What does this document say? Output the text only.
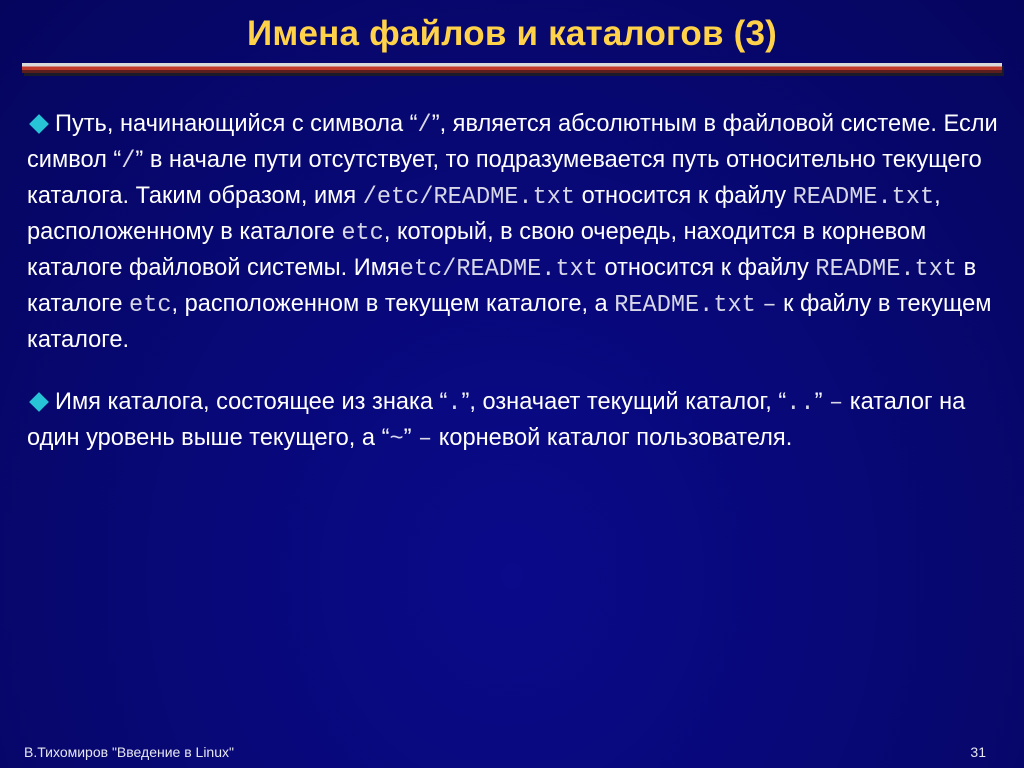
Имена файлов и каталогов (3)

Путь, начинающийся с символа “/”, является абсолютным в файловой системе. Если символ “/” в начале пути отсутствует, то подразумевается путь относительно текущего каталога. Таким образом, имя /etc/README.txt относится к файлу README.txt, расположенному в каталоге etc, который, в свою очередь, находится в корневом каталоге файловой системы. Имяetc/README.txt относится к файлу README.txt в каталоге etc, расположенном в текущем каталоге, а README.txt – к файлу в текущем каталоге.

Имя каталога, состоящее из знака “.”, означает текущий каталог, “..” – каталог на один уровень выше текущего, а “~” – корневой каталог пользователя.

В.Тихомиров "Введение в Linux"	31
